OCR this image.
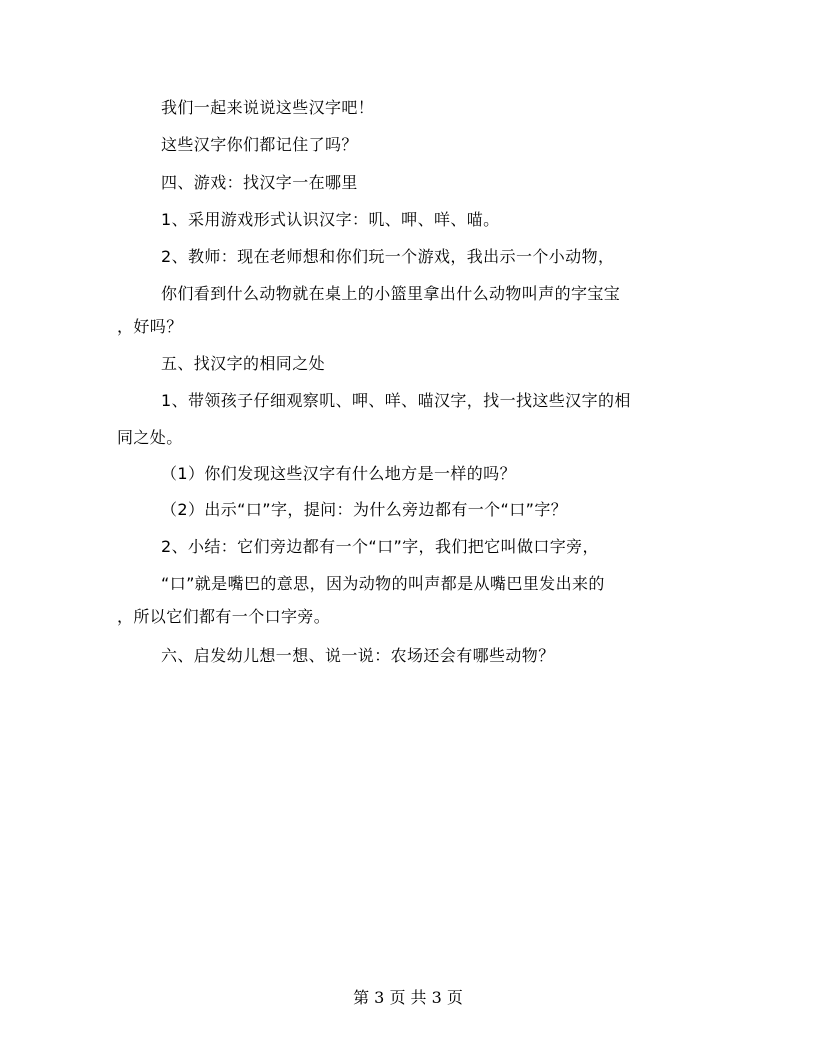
我们一起来说说这些汉字吧！
这些汉字你们都记住了吗？
四、游戏：找汉字一在哪里
1、采用游戏形式认识汉字：叽、呷、咩、喵。
2、教师：现在老师想和你们玩一个游戏，我出示一个小动物，
你们看到什么动物就在桌上的小篮里拿出什么动物叫声的字宝宝
，好吗？
五、找汉字的相同之处
1、带领孩子仔细观察叽、呷、咩、喵汉字，找一找这些汉字的相
同之处。
（1）你们发现这些汉字有什么地方是一样的吗？
（2）出示“口”字，提问：为什么旁边都有一个“口”字？
2、小结：它们旁边都有一个“口”字，我们把它叫做口字旁，
“口”就是嘴巴的意思，因为动物的叫声都是从嘴巴里发出来的
，所以它们都有一个口字旁。
六、启发幼儿想一想、说一说：农场还会有哪些动物？
第 3 页 共 3 页
